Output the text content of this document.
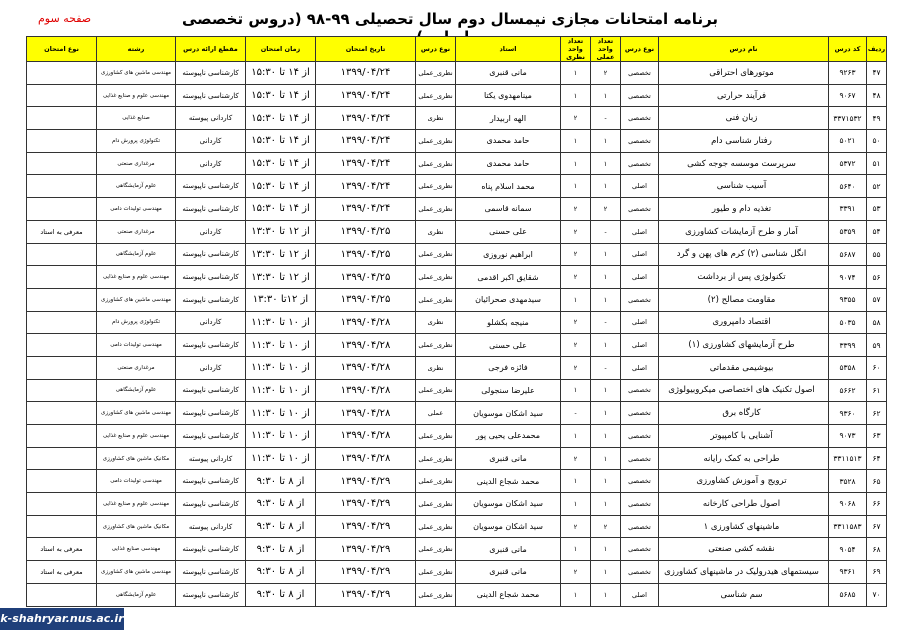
برنامه امتحانات مجازی نیمسال دوم سال تحصیلی ۹۹-۹۸ (دروس تخصصی
صفحه سوم
ردیف	کد درس	نام درس	نوع درس	تعداد واحد عملی	تعداد واحد نظری	استاد	نوع درس	تاریخ امتحان	زمان امتحان	مقطع ارائه درس	رشته	نوع امتحان
۴۷	۹۲۶۳	موتورهای احتراقی	تخصصی	۲	۱	مانی قنبری	نظری_عملی	۱۳۹۹/۰۴/۲۴	از ۱۴ تا ۱۵:۳۰	کارشناسی ناپیوسته	مهندسی ماشین های کشاورزی	
۴۸	۹۰۶۷	فرآیند حرارتی	تخصصی	۱	۱	مینامهدوی یکتا	نظری_عملی	۱۳۹۹/۰۴/۲۴	از ۱۴ تا ۱۵:۳۰	کارشناسی ناپیوسته	مهندسی علوم و صنایع غذایی	
۴۹	۳۳۷۱۵۳۲	زبان فنی	تخصصی	-	۲	الهه اربیدار	نظری	۱۳۹۹/۰۴/۲۴	از ۱۴ تا ۱۵:۳۰	کاردانی پیوسته	صنایع غذایی	
۵۰	۵۰۲۱	رفتار شناسی دام	تخصصی	۱	۱	حامد محمدی	نظری_عملی	۱۳۹۹/۰۴/۲۴	از ۱۴ تا ۱۵:۳۰	کاردانی	تکنولوژی پرورش دام	
۵۱	۵۳۷۲	سرپرست موسسه جوجه کشی	تخصصی	۱	۱	حامد محمدی	نظری_عملی	۱۳۹۹/۰۴/۲۴	از ۱۴ تا ۱۵:۳۰	کاردانی	مرغداری صنعتی	
۵۲	۵۶۴۰	آسیب شناسی	اصلی	۱	۱	محمد اسلام پناه	نظری_عملی	۱۳۹۹/۰۴/۲۴	از ۱۴ تا ۱۵:۳۰	کارشناسی ناپیوسته	علوم آزمایشگاهی	
۵۳	۳۳۹۱	تغذیه دام و طیور	تخصصی	۲	۲	سمانه قاسمی	نظری_عملی	۱۳۹۹/۰۴/۲۴	از ۱۴ تا ۱۵:۳۰	کارشناسی ناپیوسته	مهندسی تولیدات دامی	
۵۴	۵۳۵۹	آمار و طرح آزمایشات کشاورزی	اصلی	-	۲	علی حسنی	نظری	۱۳۹۹/۰۴/۲۵	از ۱۲ تا ۱۳:۳۰	کاردانی	مرغداری صنعتی	معرفی به استاد
۵۵	۵۶۸۷	انگل شناسی (۲) کرم های پهن و گرد	اصلی	۱	۲	ابراهیم نوروزی	نظری_عملی	۱۳۹۹/۰۴/۲۵	از ۱۲ تا ۱۳:۳۰	کارشناسی ناپیوسته	علوم آزمایشگاهی	
۵۶	۹۰۷۴	تکنولوژی پس از برداشت	اصلی	۱	۲	شقایق اکبر اقدمی	نظری_عملی	۱۳۹۹/۰۴/۲۵	از ۱۲ تا ۱۳:۳۰	کارشناسی ناپیوسته	مهندسی علوم و صنایع غذایی	
۵۷	۹۳۵۵	مقاومت مصالح (۲)	تخصصی	۱	۱	سیدمهدی صحرائیان	نظری_عملی	۱۳۹۹/۰۴/۲۵	از ۱۲تا ۱۳:۳۰	کارشناسی ناپیوسته	مهندسی ماشین های کشاورزی	
۵۸	۵۰۳۵	اقتصاد دامپروری	اصلی	-	۲	منیجه بکشلو	نظری	۱۳۹۹/۰۴/۲۸	از ۱۰ تا ۱۱:۳۰	کاردانی	تکنولوژی پرورش دام	
۵۹	۳۳۹۹	طرح آزمایشهای کشاورزی (۱)	اصلی	۱	۲	علی حسنی	نظری_عملی	۱۳۹۹/۰۴/۲۸	از ۱۰ تا ۱۱:۳۰	کارشناسی ناپیوسته	مهندسی تولیدات دامی	
۶۰	۵۳۵۸	بیوشیمی مقدماتی	اصلی	-	۲	فائزه فرجی	نظری	۱۳۹۹/۰۴/۲۸	از ۱۰ تا ۱۱:۳۰	کاردانی	مرغداری صنعتی	
۶۱	۵۶۶۲	اصول تکنیک های اختصاصی میکروبیولوژی	تخصصی	۱	۱	علیرضا سنجولی	نظری_عملی	۱۳۹۹/۰۴/۲۸	از ۱۰ تا ۱۱:۳۰	کارشناسی ناپیوسته	علوم آزمایشگاهی	
۶۲	۹۳۶۰	کارگاه برق	تخصصی	۱	-	سید اشکان موسویان	عملی	۱۳۹۹/۰۴/۲۸	از ۱۰ تا ۱۱:۳۰	کارشناسی ناپیوسته	مهندسی ماشین های کشاورزی	
۶۳	۹۰۷۳	آشنایی با کامپیوتر	تخصصی	۱	۱	محمدعلی یحیی پور	نظری_عملی	۱۳۹۹/۰۴/۲۸	از ۱۰ تا ۱۱:۳۰	کارشناسی ناپیوسته	مهندسی علوم و صنایع غذایی	
۶۴	۳۳۱۱۵۱۳	طراحی به کمک رایانه	تخصصی	۱	۲	مانی قنبری	نظری_عملی	۱۳۹۹/۰۴/۲۸	از ۱۰ تا ۱۱:۳۰	کاردانی پیوسته	مکانیک ماشین های کشاورزی	
۶۵	۳۵۲۸	ترویج و آموزش کشاورزی	تخصصی	۱	۱	محمد شجاع الدینی	نظری_عملی	۱۳۹۹/۰۴/۲۹	از ۸ تا ۹:۳۰	کارشناسی ناپیوسته	مهندسی تولیدات دامی	
۶۶	۹۰۶۸	اصول طراحی کارخانه	تخصصی	۱	۱	سید اشکان موسویان	نظری_عملی	۱۳۹۹/۰۴/۲۹	از ۸ تا ۹:۳۰	کارشناسی ناپیوسته	مهندسی علوم و صنایع غذایی	
۶۷	۳۳۱۱۵۸۳	ماشینهای کشاورزی ۱	تخصصی	۲	۲	سید اشکان موسویان	نظری_عملی	۱۳۹۹/۰۴/۲۹	از ۸ تا ۹:۳۰	کاردانی پیوسته	مکانیک ماشین های کشاورزی	
۶۸	۹۰۵۴	نقشه کشی صنعتی	تخصصی	۱	۱	مانی قنبری	نظری_عملی	۱۳۹۹/۰۴/۲۹	از ۸ تا ۹:۳۰	کارشناسی ناپیوسته	مهندسی صنایع غذایی	معرفی به استاد
۶۹	۹۳۶۱	سیستمهای هیدرولیک در ماشینهای کشاورزی	تخصصی	۱	۲	مانی قنبری	نظری_عملی	۱۳۹۹/۰۴/۲۹	از ۸ تا ۹:۳۰	کارشناسی ناپیوسته	مهندسی ماشین های کشاورزی	معرفی به استاد
۷۰	۵۶۸۵	سم شناسی	اصلی	۱	۱	محمد شجاع الدینی	نظری_عملی	۱۳۹۹/۰۴/۲۹	از ۸ تا ۹:۳۰	کارشناسی ناپیوسته	علوم آزمایشگاهی	
k-shahryar.nus.ac.ir
